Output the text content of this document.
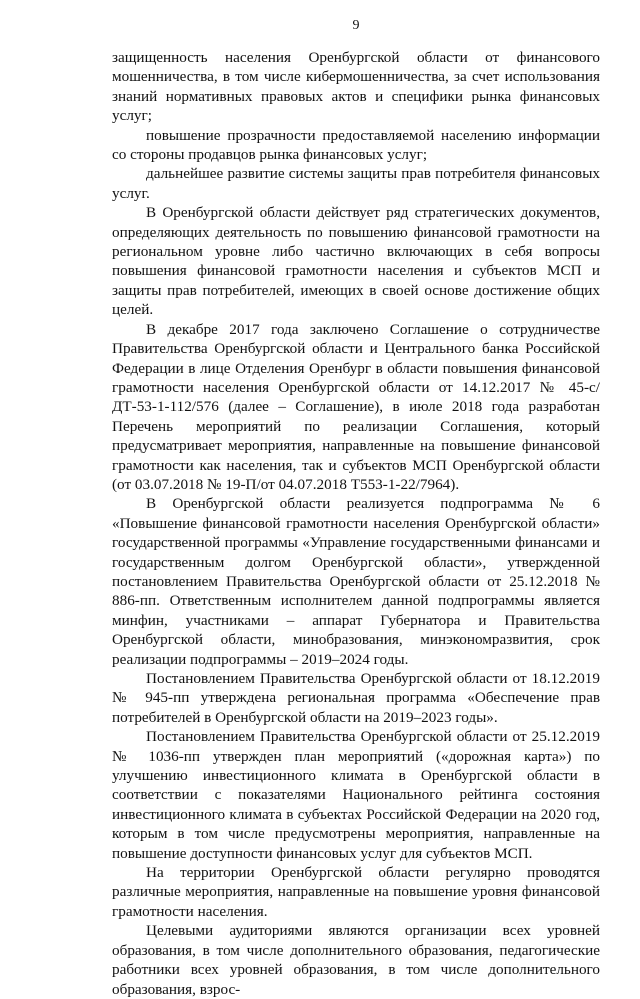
9

защищенность населения Оренбургской области от финансового мошенничества, в том числе кибермошенничества, за счет использования знаний нормативных правовых актов и специфики рынка финансовых услуг;

повышение прозрачности предоставляемой населению информации со стороны продавцов рынка финансовых услуг;

дальнейшее развитие системы защиты прав потребителя финансовых услуг.

В Оренбургской области действует ряд стратегических документов, определяющих деятельность по повышению финансовой грамотности на региональном уровне либо частично включающих в себя вопросы повышения финансовой грамотности населения и субъектов МСП и защиты прав потребителей, имеющих в своей основе достижение общих целей.

В декабре 2017 года заключено Соглашение о сотрудничестве Правительства Оренбургской области и Центрального банка Российской Федерации в лице Отделения Оренбург в области повышения финансовой грамотности населения Оренбургской области от 14.12.2017 № 45-с/ДТ-53-1-112/576 (далее – Соглашение), в июле 2018 года разработан Перечень мероприятий по реализации Соглашения, который предусматривает мероприятия, направленные на повышение финансовой грамотности как населения, так и субъектов МСП Оренбургской области (от 03.07.2018 № 19-П/от 04.07.2018 Т553-1-22/7964).

В Оренбургской области реализуется подпрограмма № 6 «Повышение финансовой грамотности населения Оренбургской области» государственной программы «Управление государственными финансами и государственным долгом Оренбургской области», утвержденной постановлением Правительства Оренбургской области от 25.12.2018 № 886-пп. Ответственным исполнителем данной подпрограммы является минфин, участниками – аппарат Губернатора и Правительства Оренбургской области, минобразования, минэкономразвития, срок реализации подпрограммы – 2019–2024 годы.

Постановлением Правительства Оренбургской области от 18.12.2019 № 945-пп утверждена региональная программа «Обеспечение прав потребителей в Оренбургской области на 2019–2023 годы».

Постановлением Правительства Оренбургской области от 25.12.2019 № 1036-пп утвержден план мероприятий («дорожная карта») по улучшению инвестиционного климата в Оренбургской области в соответствии с показателями Национального рейтинга состояния инвестиционного климата в субъектах Российской Федерации на 2020 год, которым в том числе предусмотрены мероприятия, направленные на повышение доступности финансовых услуг для субъектов МСП.

На территории Оренбургской области регулярно проводятся различные мероприятия, направленные на повышение уровня финансовой грамотности населения.

Целевыми аудиториями являются организации всех уровней образования, в том числе дополнительного образования, педагогические работники всех уровней образования, в том числе дополнительного образования, взрос-
